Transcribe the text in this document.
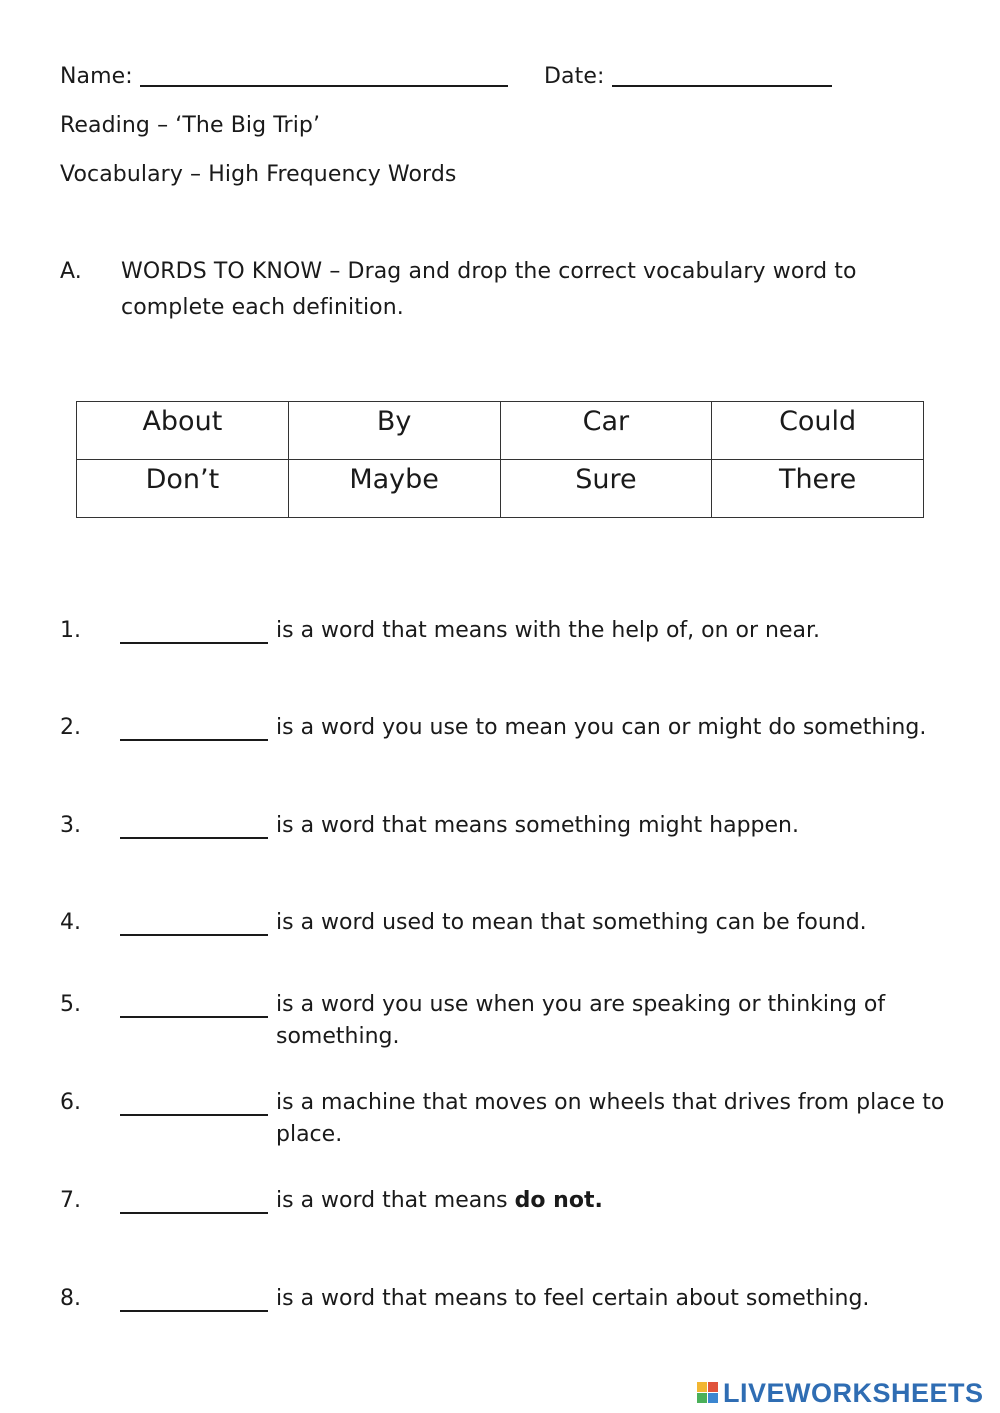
Name:	Date:
Reading – ‘The Big Trip’
Vocabulary – High Frequency Words
A. WORDS TO KNOW – Drag and drop the correct vocabulary word to
complete each definition.
About	By	Car	Could
Don’t	Maybe	Sure	There
1.	is a word that means with the help of, on or near.
2.	is a word you use to mean you can or might do something.
3.	is a word that means something might happen.
4.	is a word used to mean that something can be found.
5.	is a word you use when you are speaking or thinking of
something.
6.	is a machine that moves on wheels that drives from place to
place.
7.	is a word that means do not.
8.	is a word that means to feel certain about something.
LIVEWORKSHEETS
